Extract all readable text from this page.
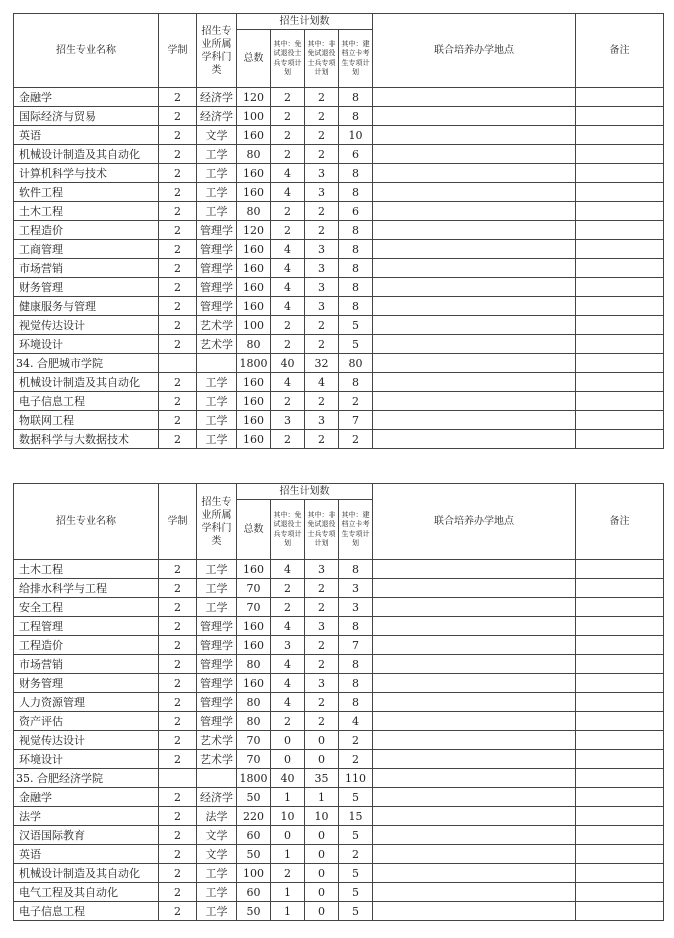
招生专业名称	学制	招生专业所属学科门类	招生计划数				联合培养办学地点	备注
			总数	其中：免试退役士兵专项计划	其中：非免试退役士兵专项计划	其中：建档立卡考生专项计划		
金融学	2	经济学	120	2	2	8		
国际经济与贸易	2	经济学	100	2	2	8		
英语	2	文学	160	2	2	10		
机械设计制造及其自动化	2	工学	80	2	2	6		
计算机科学与技术	2	工学	160	4	3	8		
软件工程	2	工学	160	4	3	8		
土木工程	2	工学	80	2	2	6		
工程造价	2	管理学	120	2	2	8		
工商管理	2	管理学	160	4	3	8		
市场营销	2	管理学	160	4	3	8		
财务管理	2	管理学	160	4	3	8		
健康服务与管理	2	管理学	160	4	3	8		
视觉传达设计	2	艺术学	100	2	2	5		
环境设计	2	艺术学	80	2	2	5		
34. 合肥城市学院			1800	40	32	80		
机械设计制造及其自动化	2	工学	160	4	4	8		
电子信息工程	2	工学	160	2	2	2		
物联网工程	2	工学	160	3	3	7		
数据科学与大数据技术	2	工学	160	2	2	2		
招生专业名称	学制	招生专业所属学科门类	招生计划数				联合培养办学地点	备注
			总数	其中：免试退役士兵专项计划	其中：非免试退役士兵专项计划	其中：建档立卡考生专项计划		
土木工程	2	工学	160	4	3	8		
给排水科学与工程	2	工学	70	2	2	3		
安全工程	2	工学	70	2	2	3		
工程管理	2	管理学	160	4	3	8		
工程造价	2	管理学	160	3	2	7		
市场营销	2	管理学	80	4	2	8		
财务管理	2	管理学	160	4	3	8		
人力资源管理	2	管理学	80	4	2	8		
资产评估	2	管理学	80	2	2	4		
视觉传达设计	2	艺术学	70	0	0	2		
环境设计	2	艺术学	70	0	0	2		
35. 合肥经济学院			1800	40	35	110		
金融学	2	经济学	50	1	1	5		
法学	2	法学	220	10	10	15		
汉语国际教育	2	文学	60	0	0	5		
英语	2	文学	50	1	0	2		
机械设计制造及其自动化	2	工学	100	2	0	5		
电气工程及其自动化	2	工学	60	1	0	5		
电子信息工程	2	工学	50	1	0	5		
